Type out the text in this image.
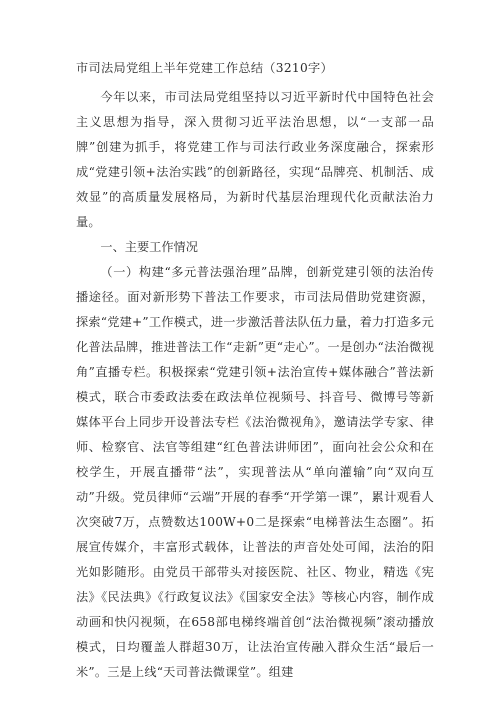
市司法局党组上半年党建工作总结（3210字）

今年以来，市司法局党组坚持以习近平新时代中国特色社会主义思想为指导，深入贯彻习近平法治思想，以“一支部一品牌”创建为抓手，将党建工作与司法行政业务深度融合，探索形成“党建引领+法治实践”的创新路径，实现“品牌亮、机制活、成效显”的高质量发展格局，为新时代基层治理现代化贡献法治力量。

一、主要工作情况

（一）构建“多元普法强治理”品牌，创新党建引领的法治传播途径。面对新形势下普法工作要求，市司法局借助党建资源，探索“党建+”工作模式，进一步激活普法队伍力量，着力打造多元化普法品牌，推进普法工作“走新”更“走心”。一是创办“法治微视角”直播专栏。积极探索“党建引领+法治宣传+媒体融合”普法新模式，联合市委政法委在政法单位视频号、抖音号、微博号等新媒体平台上同步开设普法专栏《法治微视角》，邀请法学专家、律师、检察官、法官等组建“红色普法讲师团”，面向社会公众和在校学生，开展直播带“法”，实现普法从“单向灌输”向“双向互动”升级。党员律师“云端”开展的春季“开学第一课”，累计观看人次突破7万，点赞数达100W+0二是探索“电梯普法生态圈”。拓展宣传媒介，丰富形式载体，让普法的声音处处可闻，法治的阳光如影随形。由党员干部带头对接医院、社区、物业，精选《宪法》《民法典》《行政复议法》《国家安全法》等核心内容，制作成动画和快闪视频，在658部电梯终端首创“法治微视频”滚动播放模式，日均覆盖人群超30万，让法治宣传融入群众生活“最后一米”。三是上线“天司普法微课堂”。组建
